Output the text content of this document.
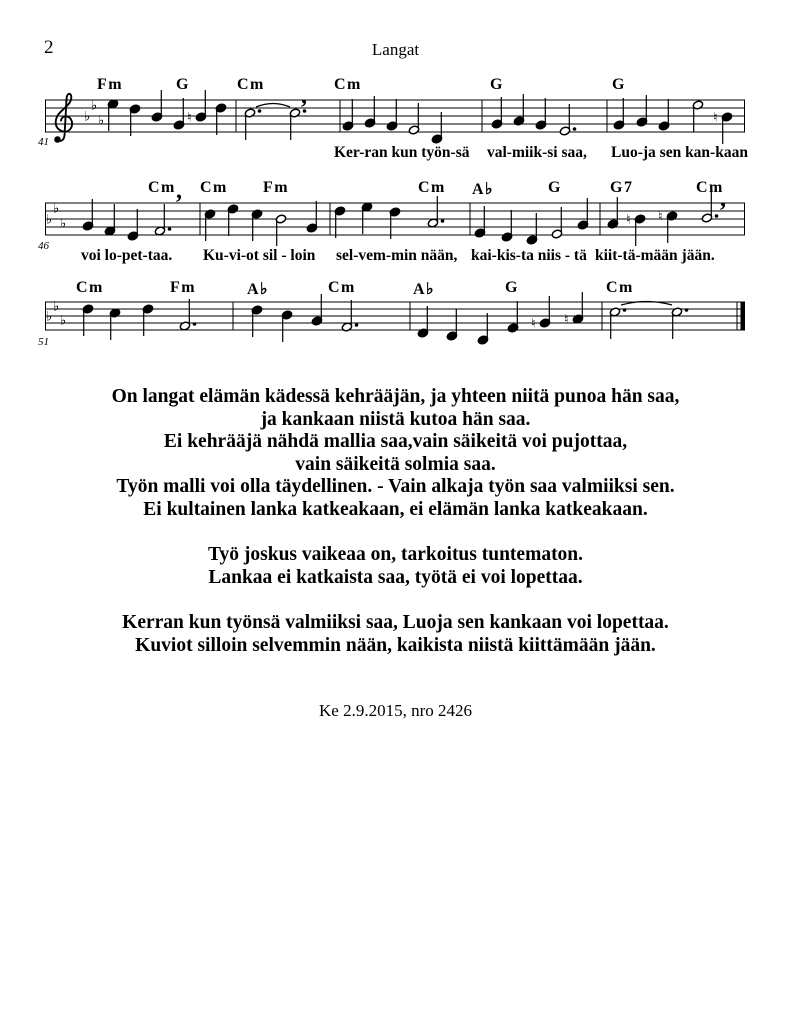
2	Langat
♭
♭
♭	♮	♮
,
♭
♭
♭	♮ ♮
,	,
♭
♭
♭	♮ ♮
Fm	G	Cm	Cm	G	G
Ker-ran kun työn-sä val-miik-si saa, Luo-ja sen kan-kaan
41
Cm Cm Fm	Cm A♭	G	G7	Cm
voi lo-pet-taa. Ku-vi-ot sil - loin sel-vem-min nään, kai-kis-ta niis - tä kiit-tä-mään jään.
46
Cm	Fm	A♭	Cm	A♭	G	Cm
51
On langat elämän kädessä kehrääjän, ja yhteen niitä punoa hän saa,
ja kankaan niistä kutoa hän saa.
Ei kehrääjä nähdä mallia saa,vain säikeitä voi pujottaa,
vain säikeitä solmia saa.
Työn malli voi olla täydellinen. - Vain alkaja työn saa valmiiksi sen.
Ei kultainen lanka katkeakaan, ei elämän lanka katkeakaan.

Työ joskus vaikeaa on, tarkoitus tuntematon.
Lankaa ei katkaista saa, työtä ei voi lopettaa.

Kerran kun työnsä valmiiksi saa, Luoja sen kankaan voi lopettaa.
Kuviot silloin selvemmin nään, kaikista niistä kiittämään jään.
Ke 2.9.2015, nro 2426
